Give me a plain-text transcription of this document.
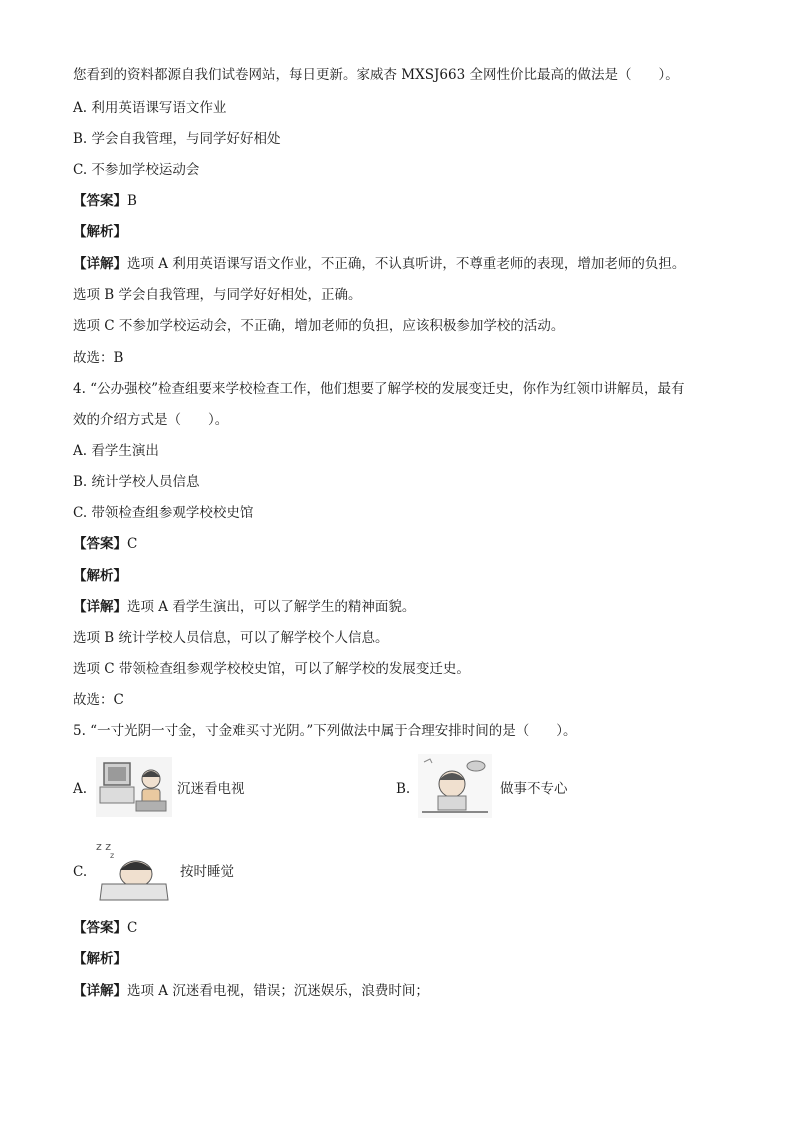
您看到的资料都源自我们试卷网站，每日更新。家威杏 MXSJ663 全网性价比最高的做法是（　　）。
A. 利用英语课写语文作业
B. 学会自我管理，与同学好好相处
C. 不参加学校运动会
【答案】B
【解析】
【详解】选项 A 利用英语课写语文作业，不正确，不认真听讲，不尊重老师的表现，增加老师的负担。
选项 B 学会自我管理，与同学好好相处，正确。
选项 C 不参加学校运动会，不正确，增加老师的负担，应该积极参加学校的活动。
故选：B
4. “公办强校”检查组要来学校检查工作，他们想要了解学校的发展变迁史，你作为红领巾讲解员，最有
效的介绍方式是（　　）。
A. 看学生演出
B. 统计学校人员信息
C. 带领检查组参观学校校史馆
【答案】C
【解析】
【详解】选项 A 看学生演出，可以了解学生的精神面貌。
选项 B 统计学校人员信息，可以了解学校个人信息。
选项 C 带领检查组参观学校校史馆，可以了解学校的发展变迁史。
故选：C
5. “一寸光阴一寸金，寸金难买寸光阴。”下列做法中属于合理安排时间的是（　　）。
A.	沉迷看电视	B.	做事不专心
C.
z z
z
按时睡觉
【答案】C
【解析】
【详解】选项 A 沉迷看电视，错误；沉迷娱乐，浪费时间；
